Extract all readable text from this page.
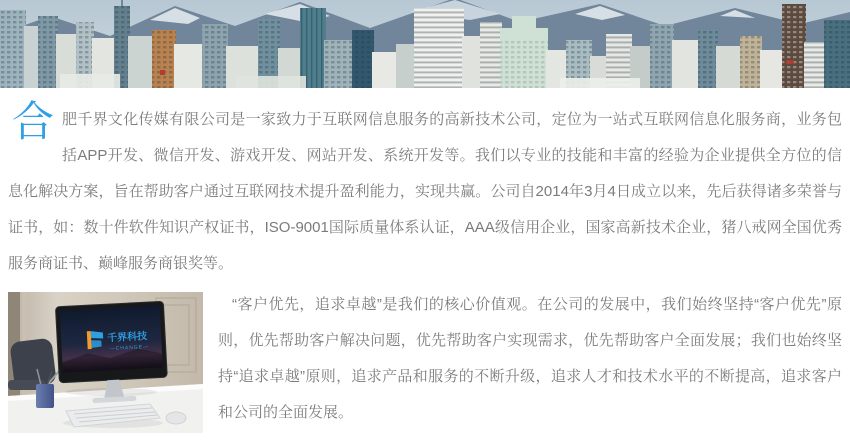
合肥千界文化传媒有限公司是一家致力于互联网信息服务的高新技术公司，定位为一站式互联网信息化服务商，业务包括APP开发、微信开发、游戏开发、网站开发、系统开发等。我们以专业的技能和丰富的经验为企业提供全方位的信息化解决方案，旨在帮助客户通过互联网技术提升盈利能力，实现共赢。公司自2014年3月4日成立以来，先后获得诸多荣誉与证书，如：数十件软件知识产权证书，ISO-9001国际质量体系认证，AAA级信用企业，国家高新技术企业，猪八戒网全国优秀服务商证书、巅峰服务商银奖等。

千界科技
—CHANGE—

“客户优先，追求卓越”是我们的核心价值观。在公司的发展中，我们始终坚持“客户优先”原则，优先帮助客户解决问题，优先帮助客户实现需求，优先帮助客户全面发展；我们也始终坚持“追求卓越”原则，追求产品和服务的不断升级，追求人才和技术水平的不断提高，追求客户和公司的全面发展。
